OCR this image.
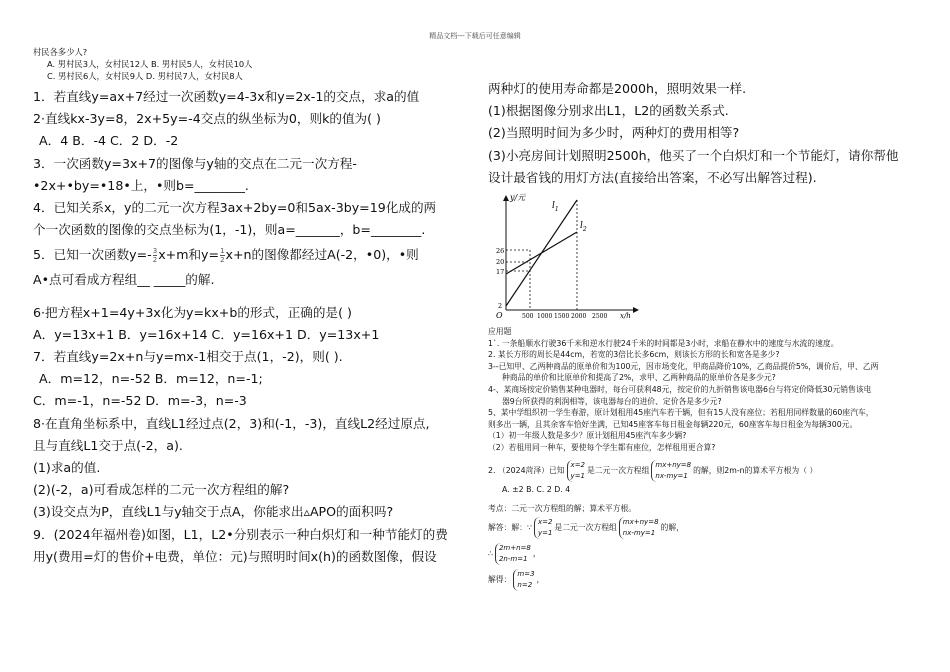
精品文档---下载后可任意编辑
村民各多少人?
A. 男村民3人，女村民12人 B. 男村民5人，女村民10人
C. 男村民6人，女村民9人 D. 男村民7人，女村民8人
1．若直线y=ax+7经过一次函数y=4-3x和y=2x-1的交点，求a的值
2·直线kx-3y=8，2x+5y=-4交点的纵坐标为0，则k的值为( )
A．4 B．-4 C．2 D．-2
3．一次函数y=3x+7的图像与y轴的交点在二元一次方程-
•2x+•by=•18•上，•则b=________.
4．已知关系x，y的二元一次方程3ax+2by=0和5ax-3by=19化成的两
个一次函数的图像的交点坐标为(1，-1)，则a=_______，b=________.
5．已知一次函数$y=- \frac{3}{2} x+m$和$y= \frac{1}{2} x+n$的图像都经过A(-2，•0)，•则
A•点可看成方程组__ _____的解.
6·把方程x+1=4y+3x化为y=kx+b的形式，正确的是( )
A．y=13x+1 B．y=16x+14 C．y=16x+1 D．y=13x+1
7．若直线y=2x+n与y=mx-1相交于点(1，-2)，则( ).
A．m=12，n=-52 B．m=12，n=-1;
C．m=-1，n=-52 D．m=-3，n=-3
8·在直角坐标系中，直线L1经过点(2，3)和(-1，-3)，直线L2经过原点,
且与直线L1交于点(-2，a).
(1)求a的值.
(2)(-2，a)可看成怎样的二元一次方程组的解?
(3)设交点为P，直线L1与y轴交于点A，你能求出▵APO的面积吗?
9．(2024年福州卷)如图，L1，L2•分别表示一种白炽灯和一种节能灯的费
用y(费用=灯的售价+电费，单位：元)与照明时间x(h)的函数图像，假设
两种灯的使用寿命都是2000h，照明效果一样.
(1)根据图像分别求出L1，L2的函数关系式.
(2)当照明时间为多少时，两种灯的费用相等?
(3)小亮房间计划照明2500h，他买了一个白炽灯和一个节能灯，请你帮他
设计最省钱的用灯方法(直接给出答案，不必写出解答过程).
y/元
x/h
O
$l_1$
$l_2$
26
20
17
2
500 1000 1500 2000 2500
应用题
1`. 一条船顺水行驶36千米和逆水行驶24千米的时间都是3小时，求船在静水中的速度与水流的速度。
2. 某长方形的周长是44cm，若宽的3倍比长多6cm，则该长方形的长和宽各是多少?
3--已知甲、乙两种商品的原单价和为100元，因市场变化，甲商品降价10%，乙商品提价5%，调价后，甲、乙两
种商品的单价和比原单价和提高了2%，求甲、乙两种商品的原单价各是多少元?
4-、某商场按定价销售某种电器时，每台可获利48元，按定价的九折销售该电器6台与将定价降低30元销售该电
器9台所获得的利润相等，该电器每台的进价、定价各是多少元?
5、某中学组织初一学生春游，原计划租用45座汽车若干辆，但有15人没有座位；若租用同样数量的60座汽车，
则多出一辆，且其余客车恰好坐满，已知45座客车每日租金每辆220元，60座客车每日租金为每辆300元。
（1）初一年级人数是多少？原计划租用45座汽车多少辆?
（2）若租用同一种车，要使每个学生都有座位，怎样租用更合算?
2. （2024菏泽）已知
x=2
y=1
是二元一次方程组
mx+ny=8
nx-my=1
的解，则2m-n的算术平方根为（ ）
A. ±2 B. C. 2 D. 4
考点：二元一次方程组的解；算术平方根。
解答：解：∵
x=2
y=1
是二元一次方程组
mx+ny=8
nx-my=1
的解，
∴
2m+n=8
2n-m=1
，
解得：
m=3
n=2
，
